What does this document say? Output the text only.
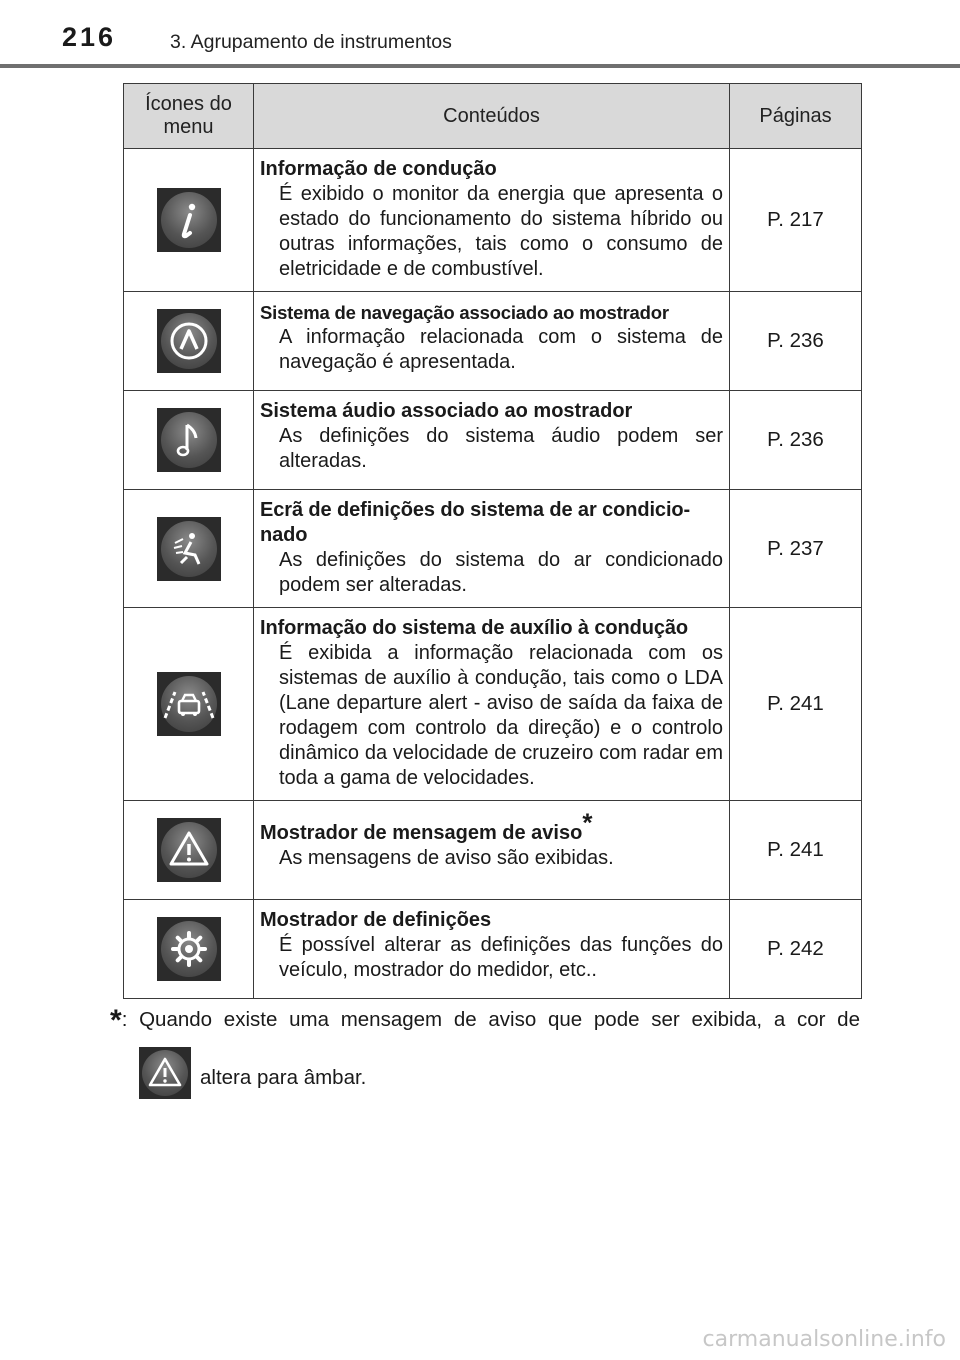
216	3. Agrupamento de instrumentos
Ícones do menu	Conteúdos	Páginas

Informação de condução
É exibido o monitor da energia que apresenta o estado do funcionamento do sistema híbrido ou outras informações, tais como o consumo de eletricidade e de combustível.	P. 217

Sistema de navegação associado ao mostrador
A informação relacionada com o sistema de navegação é apresentada.	P. 236

Sistema áudio associado ao mostrador
As definições do sistema áudio podem ser alteradas.	P. 236

Ecrã de definições do sistema de ar condicio-nado
As definições do sistema do ar condicionado podem ser alteradas.	P. 237

Informação do sistema de auxílio à condução
É exibida a informação relacionada com os sistemas de auxílio à condução, tais como o LDA (Lane departure alert - aviso de saída da faixa de rodagem com controlo da direção) e o controlo dinâmico da velocidade de cruzeiro com radar em toda a gama de velocidades.	P. 241

Mostrador de mensagem de aviso*
As mensagens de aviso são exibidas.	P. 241

Mostrador de definições
É possível alterar as definições das funções do veículo, mostrador do medidor, etc..	P. 242
*: Quando existe uma mensagem de aviso que pode ser exibida, a cor de
altera para âmbar.
carmanualsonline.info
